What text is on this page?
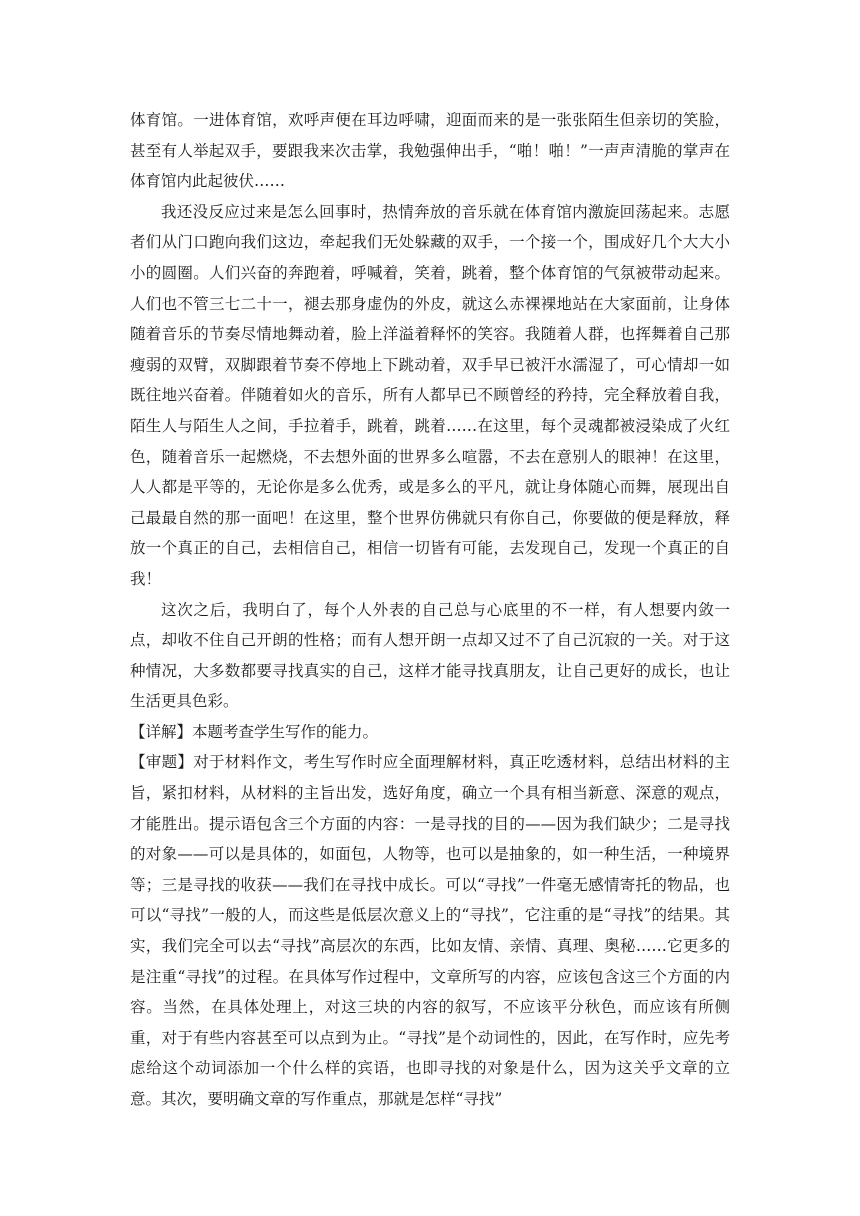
体育馆。一进体育馆，欢呼声便在耳边呼啸，迎面而来的是一张张陌生但亲切的笑脸，甚至有人举起双手，要跟我来次击掌，我勉强伸出手，“啪！啪！”一声声清脆的掌声在体育馆内此起彼伏……

我还没反应过来是怎么回事时，热情奔放的音乐就在体育馆内激旋回荡起来。志愿者们从门口跑向我们这边，牵起我们无处躲藏的双手，一个接一个，围成好几个大大小小的圆圈。人们兴奋的奔跑着，呼喊着，笑着，跳着，整个体育馆的气氛被带动起来。人们也不管三七二十一，褪去那身虚伪的外皮，就这么赤裸裸地站在大家面前，让身体随着音乐的节奏尽情地舞动着，脸上洋溢着释怀的笑容。我随着人群，也挥舞着自己那瘦弱的双臂，双脚跟着节奏不停地上下跳动着，双手早已被汗水濡湿了，可心情却一如既往地兴奋着。伴随着如火的音乐，所有人都早已不顾曾经的矜持，完全释放着自我，陌生人与陌生人之间，手拉着手，跳着，跳着……在这里，每个灵魂都被浸染成了火红色，随着音乐一起燃烧，不去想外面的世界多么喧嚣，不去在意别人的眼神！在这里，人人都是平等的，无论你是多么优秀，或是多么的平凡，就让身体随心而舞，展现出自己最最自然的那一面吧！在这里，整个世界仿佛就只有你自己，你要做的便是释放，释放一个真正的自己，去相信自己，相信一切皆有可能，去发现自己，发现一个真正的自我！

这次之后，我明白了，每个人外表的自己总与心底里的不一样，有人想要内敛一点，却收不住自己开朗的性格；而有人想开朗一点却又过不了自己沉寂的一关。对于这种情况，大多数都要寻找真实的自己，这样才能寻找真朋友，让自己更好的成长，也让生活更具色彩。

【详解】本题考查学生写作的能力。

【审题】对于材料作文，考生写作时应全面理解材料，真正吃透材料，总结出材料的主旨，紧扣材料，从材料的主旨出发，选好角度，确立一个具有相当新意、深意的观点，才能胜出。提示语包含三个方面的内容：一是寻找的目的——因为我们缺少；二是寻找的对象——可以是具体的，如面包，人物等，也可以是抽象的，如一种生活，一种境界等；三是寻找的收获——我们在寻找中成长。可以“寻找”一件毫无感情寄托的物品，也可以“寻找”一般的人，而这些是低层次意义上的“寻找”，它注重的是“寻找”的结果。其实，我们完全可以去“寻找”高层次的东西，比如友情、亲情、真理、奥秘……它更多的是注重“寻找”的过程。在具体写作过程中，文章所写的内容，应该包含这三个方面的内容。当然，在具体处理上，对这三块的内容的叙写，不应该平分秋色，而应该有所侧重，对于有些内容甚至可以点到为止。“寻找”是个动词性的，因此，在写作时，应先考虑给这个动词添加一个什么样的宾语，也即寻找的对象是什么，因为这关乎文章的立意。其次，要明确文章的写作重点，那就是怎样“寻找”
